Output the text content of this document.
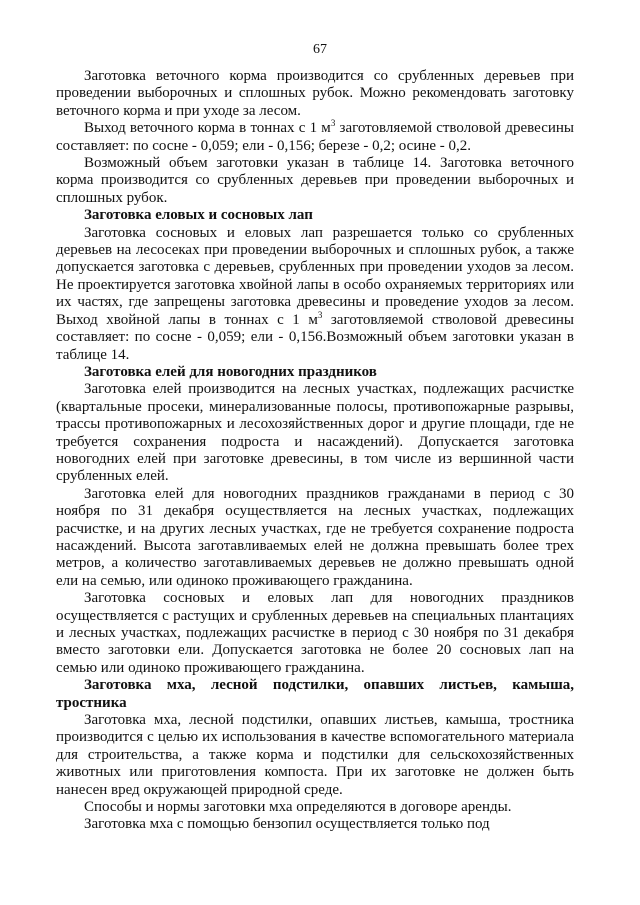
67

Заготовка веточного корма производится со срубленных деревьев при проведении выборочных и сплошных рубок. Можно рекомендовать заготовку веточного корма и при уходе за лесом.

Выход веточного корма в тоннах с 1 $м^3$ заготовляемой стволовой древесины составляет: по сосне - 0,059; ели - 0,156; березе - 0,2; осине - 0,2.

Возможный объем заготовки указан в таблице 14. Заготовка веточного корма производится со срубленных деревьев при проведении выборочных и сплошных рубок.

Заготовка еловых и сосновых лап

Заготовка сосновых и еловых лап разрешается только со срубленных деревьев на лесосеках при проведении выборочных и сплошных рубок, а также допускается заготовка с деревьев, срубленных при проведении уходов за лесом. Не проектируется заготовка хвойной лапы в особо охраняемых территориях или их частях, где запрещены заготовка древесины и проведение уходов за лесом. Выход хвойной лапы в тоннах с 1 $м^3$ заготовляемой стволовой древесины составляет: по сосне - 0,059; ели - 0,156.Возможный объем заготовки указан в таблице 14.

Заготовка елей для новогодних праздников

Заготовка елей производится на лесных участках, подлежащих расчистке (квартальные просеки, минерализованные полосы, противопожарные разрывы, трассы противопожарных и лесохозяйственных дорог и другие площади, где не требуется сохранения подроста и насаждений). Допускается заготовка новогодних елей при заготовке древесины, в том числе из вершинной части срубленных елей.

Заготовка елей для новогодних праздников гражданами в период с 30 ноября по 31 декабря осуществляется на лесных участках, подлежащих расчистке, и на других лесных участках, где не требуется сохранение подроста насаждений. Высота заготавливаемых елей не должна превышать более трех метров, а количество заготавливаемых деревьев не должно превышать одной ели на семью, или одиноко проживающего гражданина.

Заготовка сосновых и еловых лап для новогодних праздников осуществляется с растущих и срубленных деревьев на специальных плантациях и лесных участках, подлежащих расчистке в период с 30 ноября по 31 декабря вместо заготовки ели. Допускается заготовка не более 20 сосновых лап на семью или одиноко проживающего гражданина.

Заготовка мха, лесной подстилки, опавших листьев, камыша, тростника

Заготовка мха, лесной подстилки, опавших листьев, камыша, тростника производится с целью их использования в качестве вспомогательного материала для строительства, а также корма и подстилки для сельскохозяйственных животных или приготовления компоста. При их заготовке не должен быть нанесен вред окружающей природной среде.

Способы и нормы заготовки мха определяются в договоре аренды.

Заготовка мха с помощью бензопил осуществляется только под
